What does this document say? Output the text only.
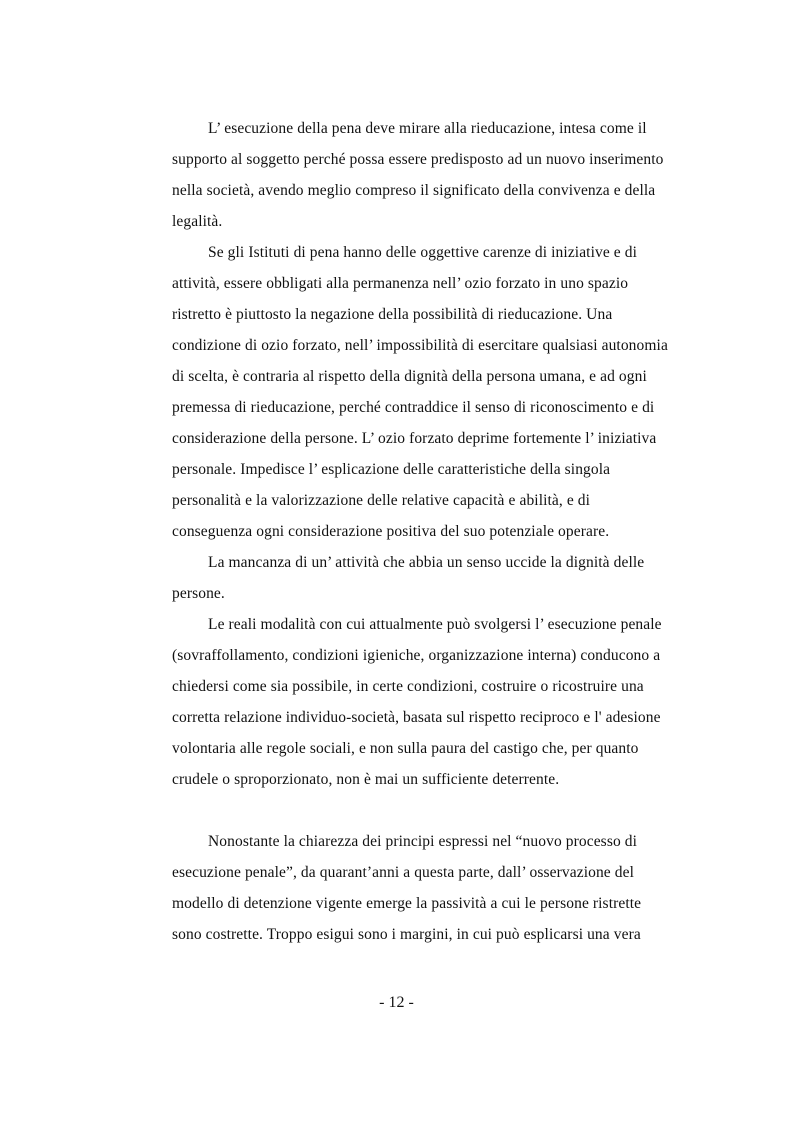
L’ esecuzione della pena deve mirare alla rieducazione, intesa come il
supporto al soggetto perché possa essere predisposto ad un nuovo inserimento
nella società, avendo meglio compreso il significato della convivenza e della
legalità.
Se gli Istituti di pena hanno delle oggettive carenze di iniziative e di
attività, essere obbligati alla permanenza nell’ ozio forzato in uno spazio
ristretto è piuttosto la negazione della possibilità di rieducazione. Una
condizione di ozio forzato, nell’ impossibilità di esercitare qualsiasi autonomia
di scelta, è contraria al rispetto della dignità della persona umana, e ad ogni
premessa di rieducazione, perché contraddice il senso di riconoscimento e di
considerazione della persone. L’ ozio forzato deprime fortemente l’ iniziativa
personale. Impedisce l’ esplicazione delle caratteristiche della singola
personalità e la valorizzazione delle relative capacità e abilità, e di
conseguenza ogni considerazione positiva del suo potenziale operare.
La mancanza di un’ attività che abbia un senso uccide la dignità delle
persone.
Le reali modalità con cui attualmente può svolgersi l’ esecuzione penale
(sovraffollamento, condizioni igieniche, organizzazione interna) conducono a
chiedersi come sia possibile, in certe condizioni, costruire o ricostruire una
corretta relazione individuo-società, basata sul rispetto reciproco e l' adesione
volontaria alle regole sociali, e non sulla paura del castigo che, per quanto
crudele o sproporzionato, non è mai un sufficiente deterrente.
Nonostante la chiarezza dei principi espressi nel “nuovo processo di
esecuzione penale”, da quarant’anni a questa parte, dall’ osservazione del
modello di detenzione vigente emerge la passività a cui le persone ristrette
sono costrette. Troppo esigui sono i margini, in cui può esplicarsi una vera
- 12 -
